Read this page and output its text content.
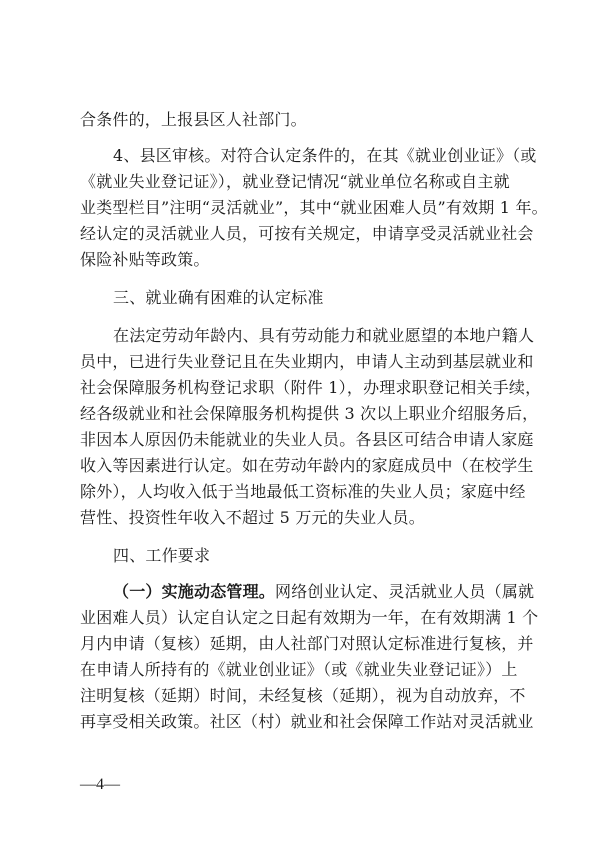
合条件的，上报县区人社部门。
4、县区审核。对符合认定条件的，在其《就业创业证》（或
《就业失业登记证》），就业登记情况“就业单位名称或自主就
业类型栏目”注明“灵活就业”，其中“就业困难人员”有效期 1 年。
经认定的灵活就业人员，可按有关规定，申请享受灵活就业社会
保险补贴等政策。
三、就业确有困难的认定标准
在法定劳动年龄内、具有劳动能力和就业愿望的本地户籍人
员中，已进行失业登记且在失业期内，申请人主动到基层就业和
社会保障服务机构登记求职（附件 1），办理求职登记相关手续，
经各级就业和社会保障服务机构提供 3 次以上职业介绍服务后，
非因本人原因仍未能就业的失业人员。各县区可结合申请人家庭
收入等因素进行认定。如在劳动年龄内的家庭成员中（在校学生
除外），人均收入低于当地最低工资标准的失业人员；家庭中经
营性、投资性年收入不超过 5 万元的失业人员。
四、工作要求
（一）实施动态管理。网络创业认定、灵活就业人员（属就
业困难人员）认定自认定之日起有效期为一年，在有效期满 1 个
月内申请（复核）延期，由人社部门对照认定标准进行复核，并
在申请人所持有的《就业创业证》（或《就业失业登记证》）上
注明复核（延期）时间，未经复核（延期），视为自动放弃，不
再享受相关政策。社区（村）就业和社会保障工作站对灵活就业
—4—
